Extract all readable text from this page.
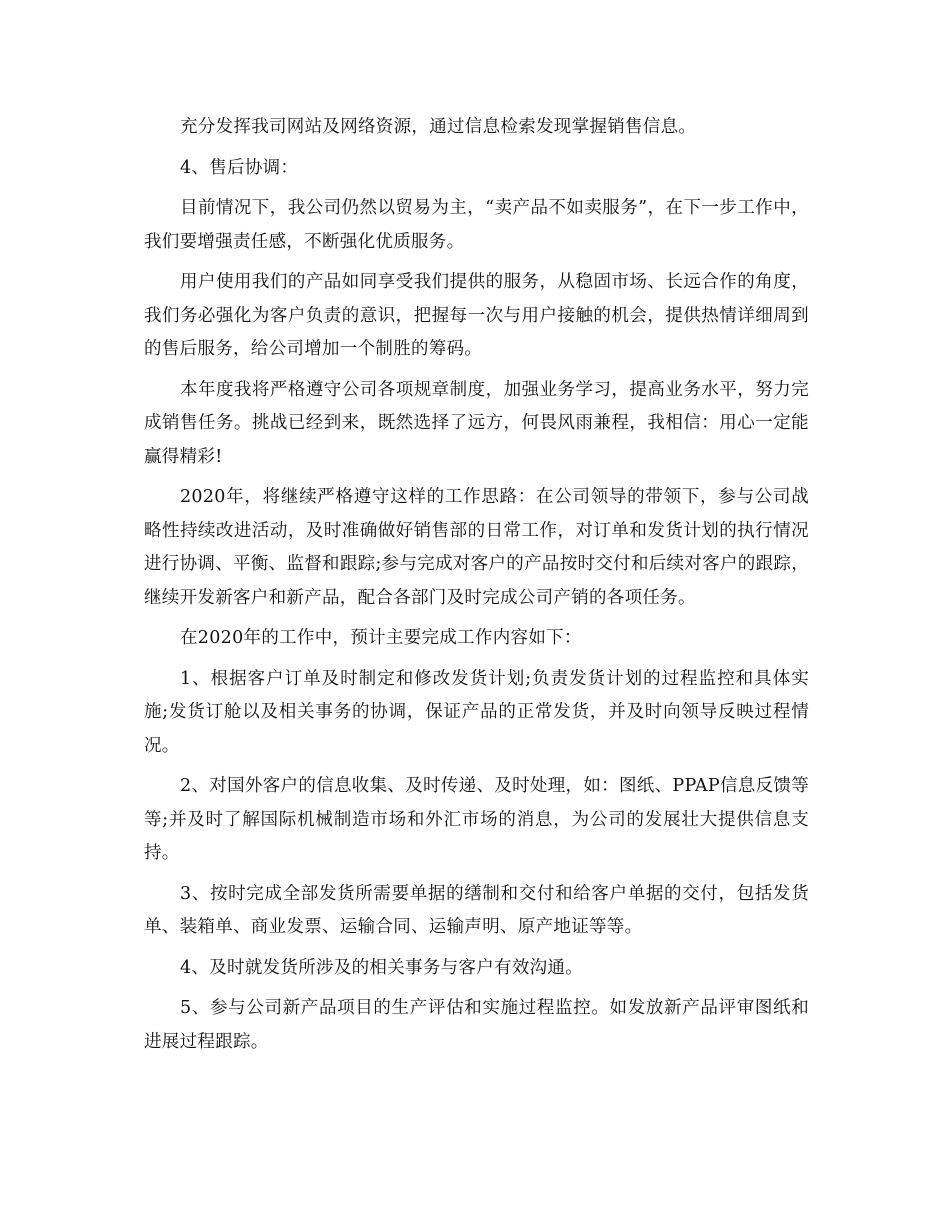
充分发挥我司网站及网络资源，通过信息检索发现掌握销售信息。

4、售后协调：

目前情况下，我公司仍然以贸易为主，“卖产品不如卖服务”，在下一步工作中，我们要增强责任感，不断强化优质服务。

用户使用我们的产品如同享受我们提供的服务，从稳固市场、长远合作的角度，我们务必强化为客户负责的意识，把握每一次与用户接触的机会，提供热情详细周到的售后服务，给公司增加一个制胜的筹码。

本年度我将严格遵守公司各项规章制度，加强业务学习，提高业务水平，努力完成销售任务。挑战已经到来，既然选择了远方，何畏风雨兼程，我相信：用心一定能赢得精彩!

2020年，将继续严格遵守这样的工作思路：在公司领导的带领下，参与公司战略性持续改进活动，及时准确做好销售部的日常工作，对订单和发货计划的执行情况进行协调、平衡、监督和跟踪;参与完成对客户的产品按时交付和后续对客户的跟踪，继续开发新客户和新产品，配合各部门及时完成公司产销的各项任务。

在2020年的工作中，预计主要完成工作内容如下：

1、根据客户订单及时制定和修改发货计划;负责发货计划的过程监控和具体实施;发货订舱以及相关事务的协调，保证产品的正常发货，并及时向领导反映过程情况。

2、对国外客户的信息收集、及时传递、及时处理，如：图纸、PPAP信息反馈等等;并及时了解国际机械制造市场和外汇市场的消息，为公司的发展壮大提供信息支持。

3、按时完成全部发货所需要单据的缮制和交付和给客户单据的交付，包括发货单、装箱单、商业发票、运输合同、运输声明、原产地证等等。

4、及时就发货所涉及的相关事务与客户有效沟通。

5、参与公司新产品项目的生产评估和实施过程监控。如发放新产品评审图纸和进展过程跟踪。
